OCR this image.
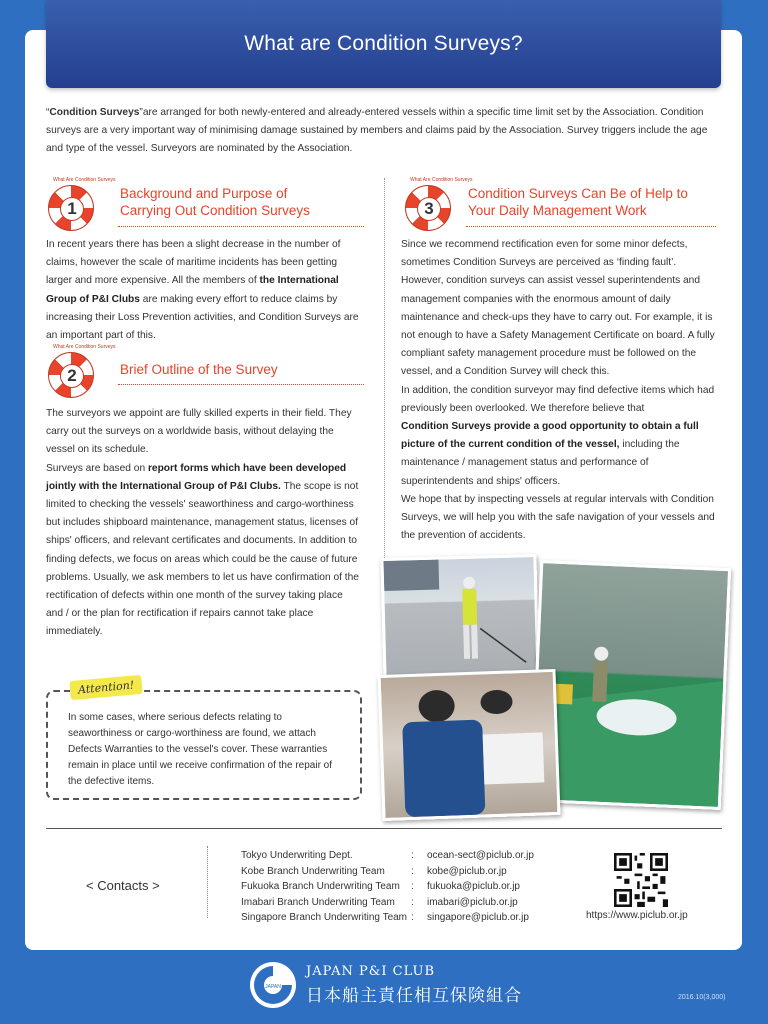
What are Condition Surveys?
“Condition Surveys”are arranged for both newly-entered and already-entered vessels within a specific time limit set by the Association. Condition surveys are a very important way of minimising damage sustained by members and claims paid by the Association. Survey triggers include the age and type of the vessel. Surveyors are nominated by the Association.
What Are Condition Surveys
1
Background and Purpose of
Carrying Out Condition Surveys
In recent years there has been a slight decrease in the number of claims, however the scale of maritime incidents has been getting larger and more expensive. All the members of the International Group of P&I Clubs are making every effort to reduce claims by increasing their Loss Prevention activities, and Condition Surveys are an important part of this.
What Are Condition Surveys
2	Brief Outline of the Survey
The surveyors we appoint are fully skilled experts in their field. They carry out the surveys on a worldwide basis, without delaying the vessel on its schedule.
Surveys are based on report forms which have been developed jointly with the International Group of P&I Clubs. The scope is not limited to checking the vessels' seaworthiness and cargo-worthiness but includes shipboard maintenance, management status, licenses of ships' officers, and relevant certificates and documents. In addition to finding defects, we focus on areas which could be the cause of future problems. Usually, we ask members to let us have confirmation of the rectification of defects within one month of the survey taking place and / or the plan for rectification if repairs cannot take place immediately.
What Are Condition Surveys
3
Condition Surveys Can Be of Help to
Your Daily Management Work
Since we recommend rectification even for some minor defects, sometimes Condition Surveys are perceived as ‘finding fault’. However, condition surveys can assist vessel superintendents and management companies with the enormous amount of daily maintenance and check-ups they have to carry out. For example, it is not enough to have a Safety Management Certificate on board. A fully compliant safety management procedure must be followed on the vessel, and a Condition Survey will check this.
In addition, the condition surveyor may find defective items which had previously been overlooked. We therefore believe that
Condition Surveys provide a good opportunity to obtain a full picture of the current condition of the vessel, including the maintenance / management status and performance of superintendents and ships' officers.
We hope that by inspecting vessels at regular intervals with Condition Surveys, we will help you with the safe navigation of your vessels and the prevention of accidents.
Attention!
In some cases, where serious defects relating to seaworthiness or cargo-worthiness are found, we attach Defects Warranties to the vessel's cover. These warranties remain in place until we receive confirmation of the repair of the defective items.
< Contacts >
Tokyo Underwriting Dept.	:	ocean-sect@piclub.or.jp
Kobe Branch Underwriting Team	:	kobe@piclub.or.jp
Fukuoka Branch Underwriting Team	:	fukuoka@piclub.or.jp
Imabari Branch Underwriting Team	:	imabari@piclub.or.jp
Singapore Branch Underwriting Team :	singapore@piclub.or.jp	https://www.piclub.or.jp
JAPAN
JAPAN P&I CLUB
日本船主責任相互保険組合	2016.10(3,000)
